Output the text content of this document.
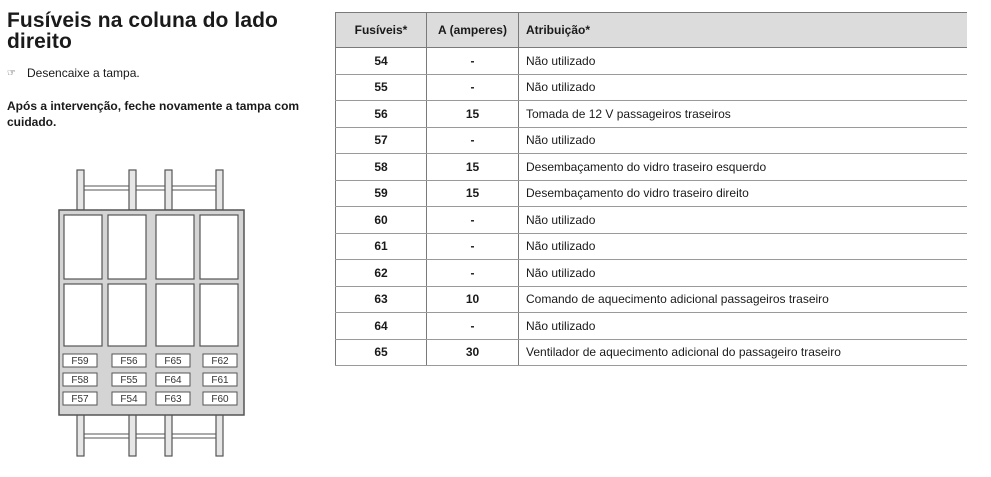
Fusíveis na coluna do lado direito
☞ Desencaixe a tampa.
Após a intervenção, feche novamente a tampa com cuidado.
F59	F56	F65	F62
F58	F55	F64	F61
F57	F54	F63	F60
Fusíveis*	A (amperes)	Atribuição*
54	-	Não utilizado
55	-	Não utilizado
56	15	Tomada de 12 V passageiros traseiros
57	-	Não utilizado
58	15	Desembaçamento do vidro traseiro esquerdo
59	15	Desembaçamento do vidro traseiro direito
60	-	Não utilizado
61	-	Não utilizado
62	-	Não utilizado
63	10	Comando de aquecimento adicional passageiros traseiro
64	-	Não utilizado
65	30	Ventilador de aquecimento adicional do passageiro traseiro
